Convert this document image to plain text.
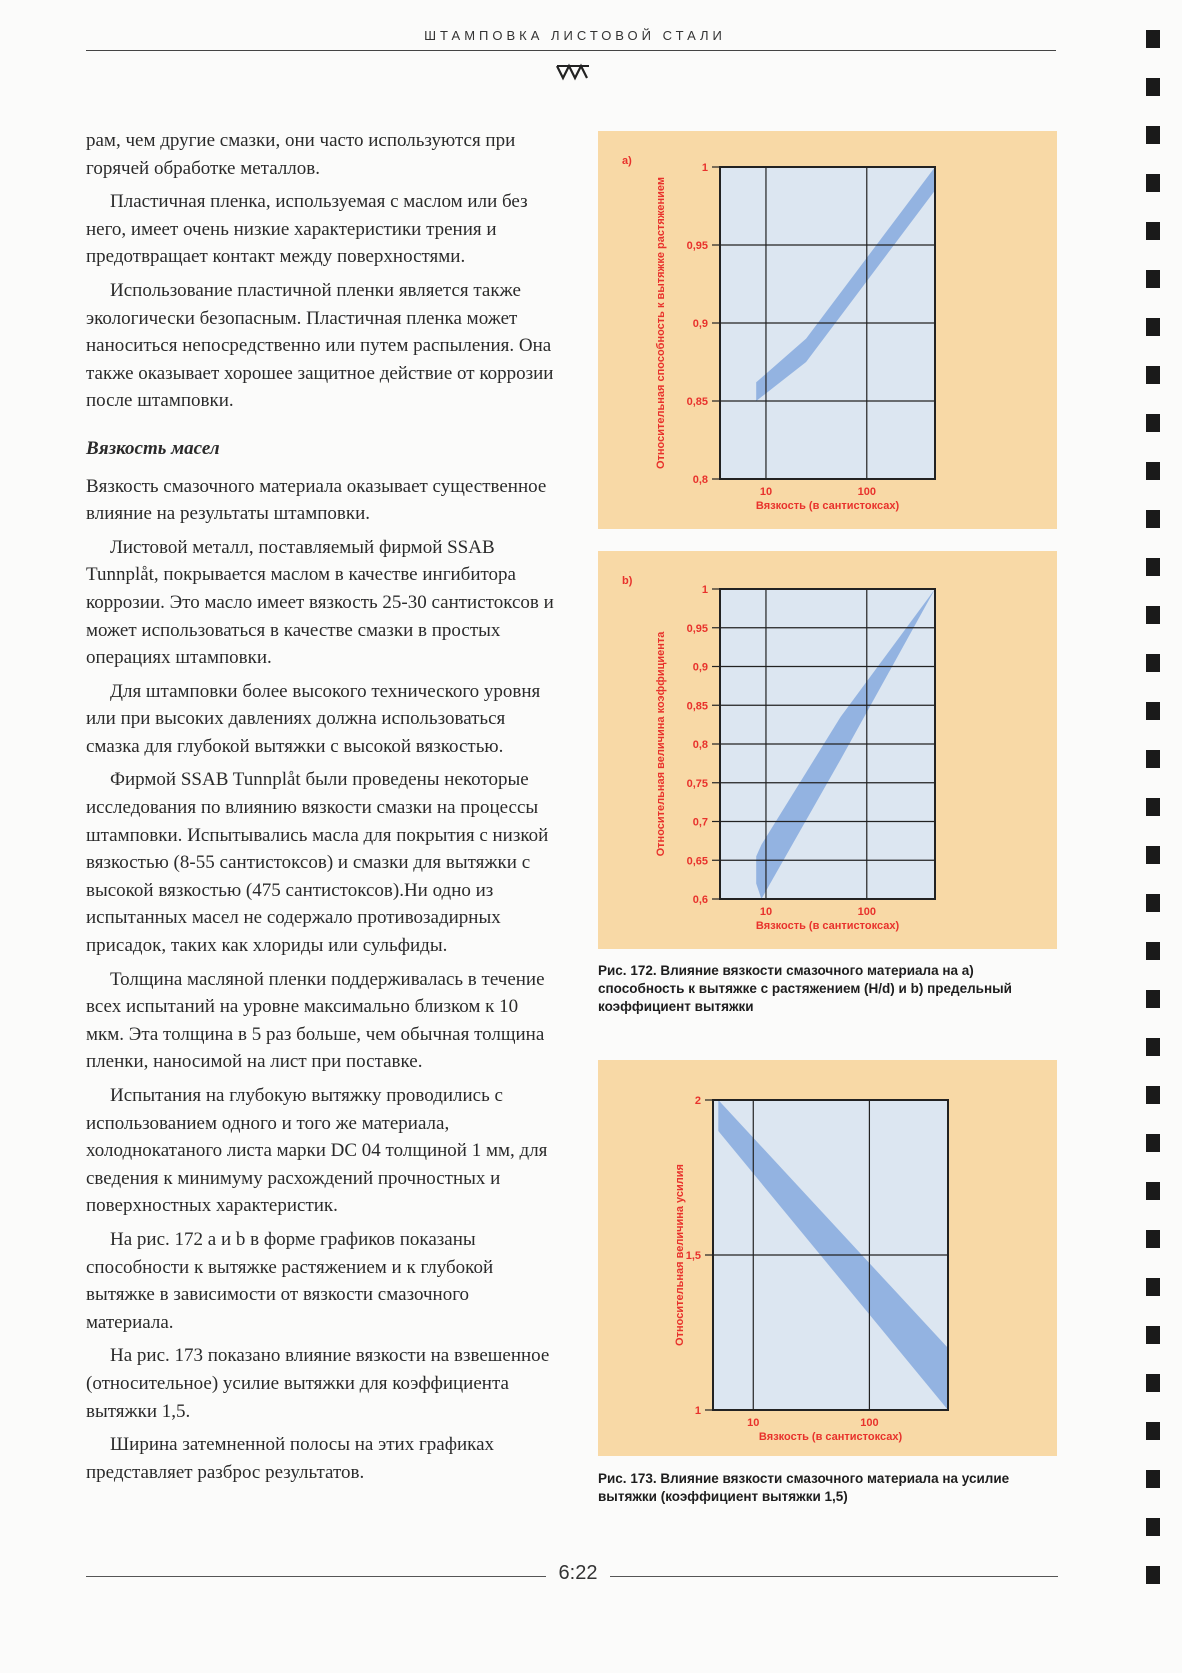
ШТАМПОВКА ЛИСТОВОЙ СТАЛИ

рам, чем другие смазки, они часто используются при горячей обработке металлов.

Пластичная пленка, используемая с маслом или без него, имеет очень низкие характеристики трения и предотвращает контакт между поверхностями.

Использование пластичной пленки является также экологически безопасным. Пластичная пленка может наноситься непосредственно или путем распыления. Она также оказывает хорошее защитное действие от коррозии после штамповки.

Вязкость масел

Вязкость смазочного материала оказывает существенное влияние на результаты штамповки.

Листовой металл, поставляемый фирмой SSAB Tunnplåt, покрывается маслом в качестве ингибитора коррозии. Это масло имеет вязкость 25-30 сантистоксов и может использоваться в качестве смазки в простых операциях штамповки.

Для штамповки более высокого технического уровня или при высоких давлениях должна использоваться смазка для глубокой вытяжки с высокой вязкостью.

Фирмой SSAB Tunnplåt были проведены некоторые исследования по влиянию вязкости смазки на процессы штамповки. Испытывались масла для покрытия с низкой вязкостью (8-55 сантистоксов) и смазки для вытяжки с высокой вязкостью (475 сантистоксов).Ни одно из испытанных масел не содержало противозадирных присадок, таких как хлориды или сульфиды.

Толщина масляной пленки поддерживалась в течение всех испытаний на уровне максимально близком к 10 мкм. Эта толщина в 5 раз больше, чем обычная толщина пленки, наносимой на лист при поставке.

Испытания на глубокую вытяжку проводились с использованием одного и того же материала, холоднокатаного листа марки DC 04 толщиной 1 мм, для сведения к минимуму расхождений прочностных и поверхностных характеристик.

На рис. 172 a и b в форме графиков показаны способности к вытяжке растяжением и к глубокой вытяжке в зависимости от вязкости смазочного материала.

На рис. 173 показано влияние вязкости на взвешенное (относительное) усилие вытяжки для коэффициента вытяжки 1,5.

Ширина затемненной полосы на этих графиках представляет разброс результатов.

1
0,95
0,9
0,85
0,8
10	100
Вязкость (в сантистоксах)
Относительная способность к вытяжке растяжением
a)
1
0,95
0,9
0,85
0,8
0,75
0,7
0,65
0,6
10	100
Вязкость (в сантистоксах)
Относительная величина коэффициента
b)
Рис. 172. Влияние вязкости смазочного материала на a) способность к вытяжке с растяжением (H/d) и b) предельный коэффициент вытяжки
2
1,5
1
10	100
Вязкость (в сантистоксах)
Относительная величина усилия
Рис. 173. Влияние вязкости смазочного материала на усилие вытяжки (коэффициент вытяжки 1,5)
6:22
